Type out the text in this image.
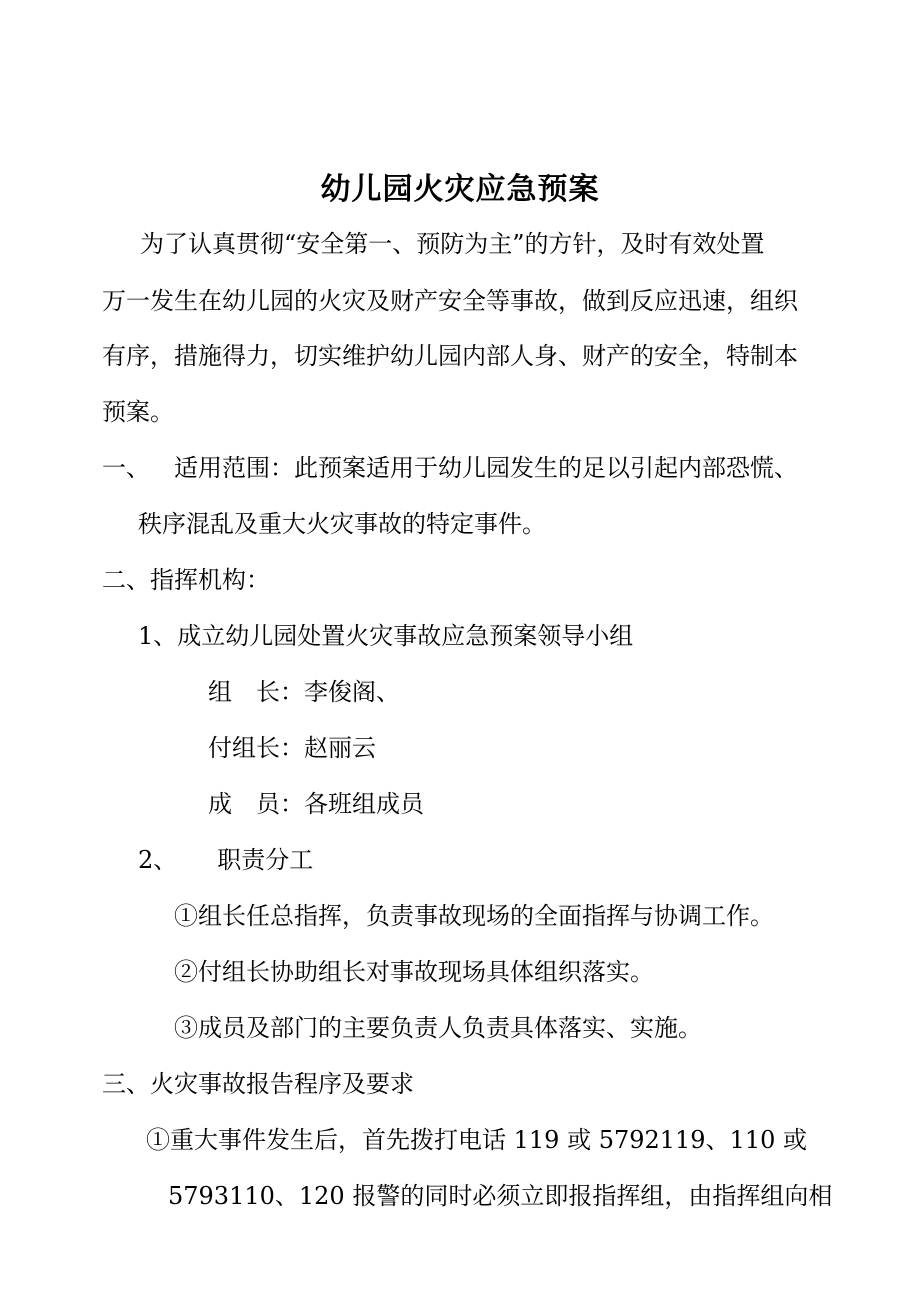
幼儿园火灾应急预案
为了认真贯彻“安全第一、预防为主”的方针，及时有效处置
万一发生在幼儿园的火灾及财产安全等事故，做到反应迅速，组织
有序，措施得力，切实维护幼儿园内部人身、财产的安全，特制本
预案。
一、 适用范围：此预案适用于幼儿园发生的足以引起内部恐慌、
秩序混乱及重大火灾事故的特定事件。
二、指挥机构：
1、成立幼儿园处置火灾事故应急预案领导小组
组　长：李俊阁、
付组长：赵丽云
成　员：各班组成员
2、 职责分工
①组长任总指挥，负责事故现场的全面指挥与协调工作。
②付组长协助组长对事故现场具体组织落实。
③成员及部门的主要负责人负责具体落实、实施。
三、火灾事故报告程序及要求
①重大事件发生后，首先拨打电话 119 或 5792119、110 或
5793110、120 报警的同时必须立即报指挥组，由指挥组向相
